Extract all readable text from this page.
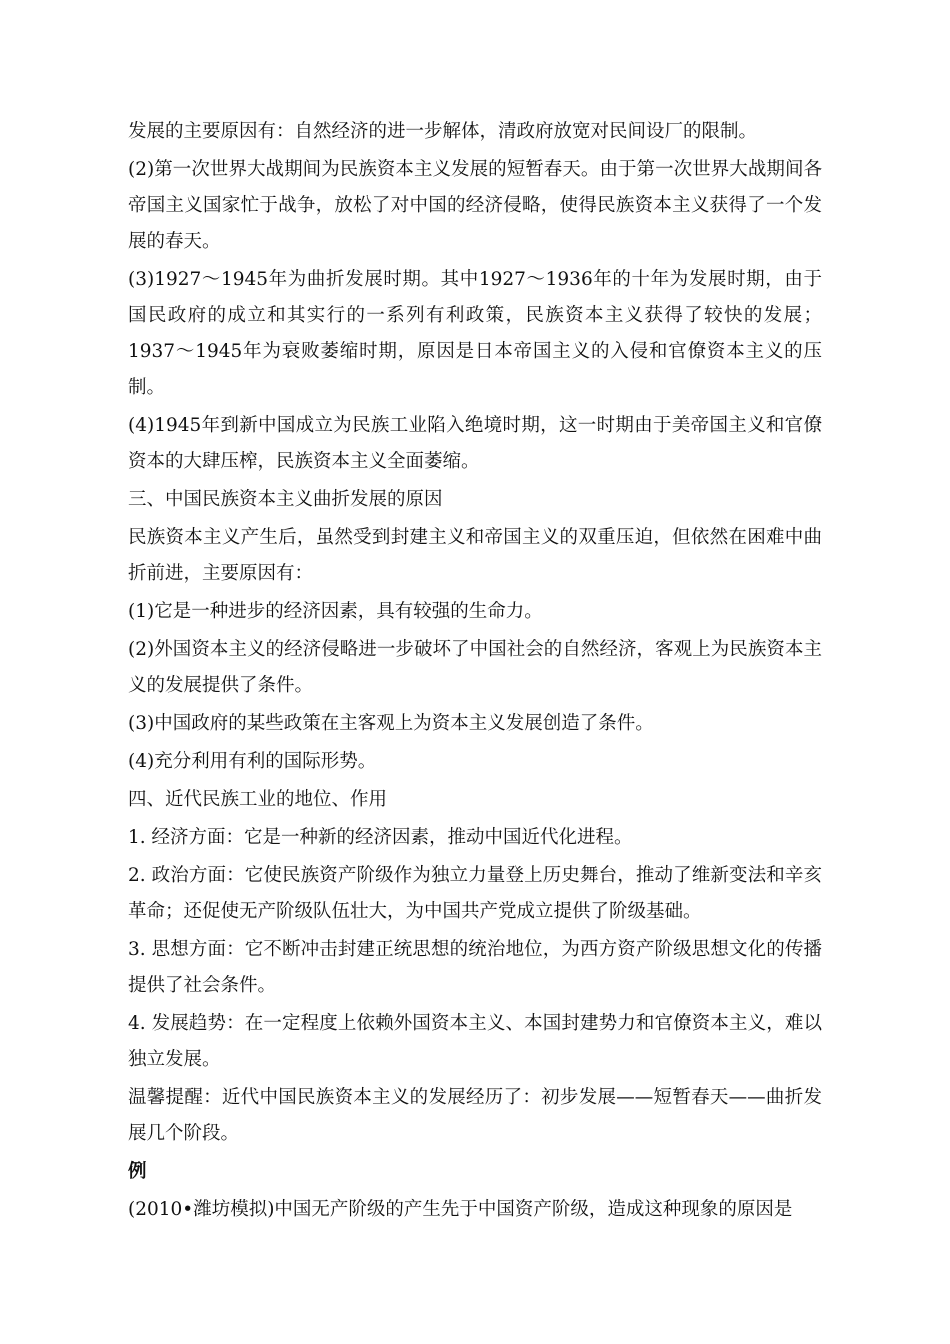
发展的主要原因有：自然经济的进一步解体，清政府放宽对民间设厂的限制。

(2)第一次世界大战期间为民族资本主义发展的短暂春天。由于第一次世界大战期间各帝国主义国家忙于战争，放松了对中国的经济侵略，使得民族资本主义获得了一个发展的春天。

(3)1927～1945年为曲折发展时期。其中1927～1936年的十年为发展时期，由于国民政府的成立和其实行的一系列有利政策，民族资本主义获得了较快的发展；1937～1945年为衰败萎缩时期，原因是日本帝国主义的入侵和官僚资本主义的压制。

(4)1945年到新中国成立为民族工业陷入绝境时期，这一时期由于美帝国主义和官僚资本的大肆压榨，民族资本主义全面萎缩。

三、中国民族资本主义曲折发展的原因

民族资本主义产生后，虽然受到封建主义和帝国主义的双重压迫，但依然在困难中曲折前进，主要原因有：

(1)它是一种进步的经济因素，具有较强的生命力。

(2)外国资本主义的经济侵略进一步破坏了中国社会的自然经济，客观上为民族资本主义的发展提供了条件。

(3)中国政府的某些政策在主客观上为资本主义发展创造了条件。

(4)充分利用有利的国际形势。

四、近代民族工业的地位、作用

1. 经济方面：它是一种新的经济因素，推动中国近代化进程。

2. 政治方面：它使民族资产阶级作为独立力量登上历史舞台，推动了维新变法和辛亥革命；还促使无产阶级队伍壮大，为中国共产党成立提供了阶级基础。

3. 思想方面：它不断冲击封建正统思想的统治地位，为西方资产阶级思想文化的传播提供了社会条件。

4. 发展趋势：在一定程度上依赖外国资本主义、本国封建势力和官僚资本主义，难以独立发展。

温馨提醒：近代中国民族资本主义的发展经历了：初步发展——短暂春天——曲折发展几个阶段。

例

(2010•潍坊模拟)中国无产阶级的产生先于中国资产阶级，造成这种现象的原因是
